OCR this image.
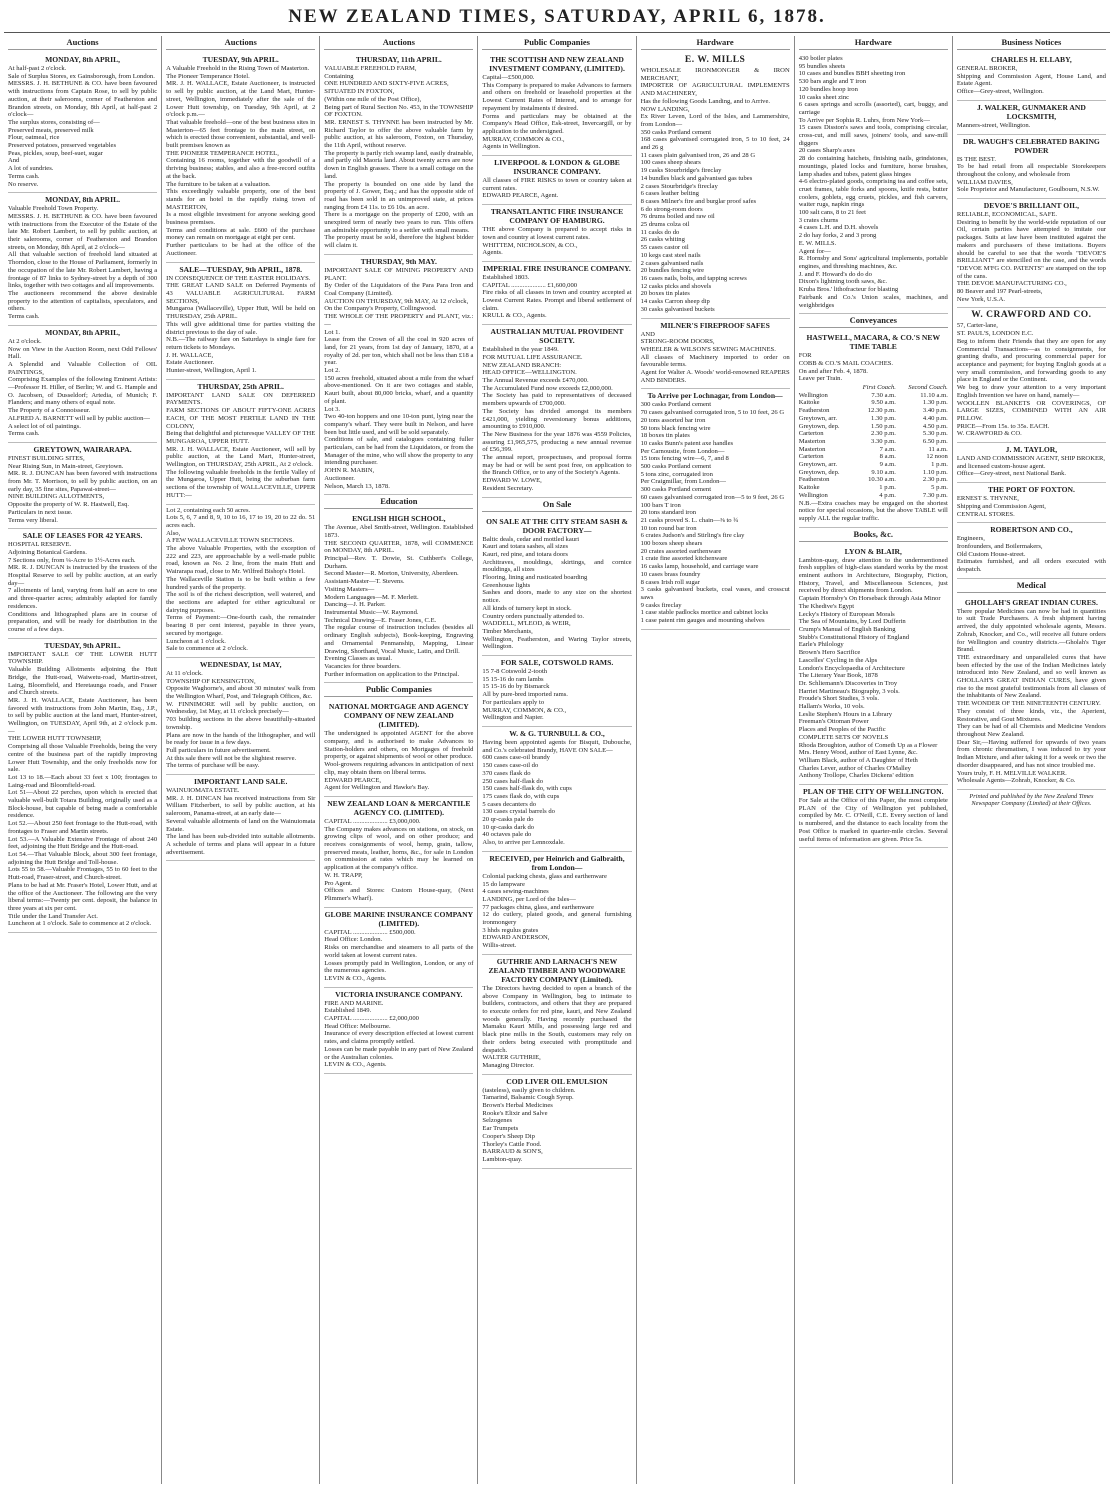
NEW ZEALAND TIMES, SATURDAY, APRIL 6, 1878.
Auctions
MONDAY, 8th APRIL,

At half-past 2 o'clock.
Sale of Surplus Stores, ex Gainsborough, from London.
MESSRS. J. H. BETHUNE & CO. have been favoured with instructions from Captain Rose, to sell by public auction, at their salerooms, corner of Featherston and Brandon streets, on Monday, 8th April, at half-past 2 o'clock—
The surplus stores, consisting of—
Preserved meats, preserved milk
Flour, oatmeal, rice
Preserved potatoes, preserved vegetables
Peas, pickles, soup, beef-suet, sugar
And
A lot of sundries.
Terms cash.
No reserve.

MONDAY, 8th APRIL.

Valuable Freehold Town Property.
MESSRS. J. H. BETHUNE & CO. have been favoured with instructions from the Executor of the Estate of the late Mr. Robert Lambert, to sell by public auction, at their salerooms, corner of Featherston and Brandon streets, on Monday, 8th April, at 2 o'clock—
All that valuable section of freehold land situated at Thorndon, close to the House of Parliament, formerly in the occupation of the late Mr. Robert Lambert, having a frontage of 87 links to Sydney-street by a depth of 300 links, together with two cottages and all improvements.
The auctioneers recommend the above desirable property to the attention of capitalists, speculators, and others.
Terms cash.

MONDAY, 8th APRIL,

At 2 o'clock.
Now on View in the Auction Room, next Odd Fellows' Hall.
A Splendid and Valuable Collection of OIL PAINTINGS,
Comprising Examples of the following Eminent Artists:—Professor H. Hiller, of Berlin; W. and G. Hample and O. Jacobsen, of Dusseldorf; Artedia, of Munich; F. Flanders; and many others of equal note.
The Property of a Connoisseur.
ALFRED A. BARNETT will sell by public auction—
A select lot of oil paintings.
Terms cash.

GREYTOWN, WAIRARAPA.

FINEST BUILDING SITES,
Near Rising Sun, in Main-street, Greytown.
MR. R. J. DUNCAN has been favored with instructions from Mr. T. Morrison, to sell by public auction, on an early day, 35 fine sites, Papawai-street—
NINE BUILDING ALLOTMENTS,
Opposite the property of W. R. Hastwell, Esq.
Particulars in next issue.
Terms very liberal.

SALE OF LEASES FOR 42 YEARS.

HOSPITAL RESERVE.
Adjoining Botanical Gardens.
7 Sections only, from ¼-Acre to 1½-Acres each.
MR. R. J. DUNCAN is instructed by the trustees of the Hospital Reserve to sell by public auction, at an early day—
7 allotments of land, varying from half an acre to one and three-quarter acres; admirably adapted for family residences.
Conditions and lithographed plans are in course of preparation, and will be ready for distribution in the course of a few days.

TUESDAY, 9th APRIL.

IMPORTANT SALE OF THE LOWER HUTT TOWNSHIP.
Valuable Building Allotments adjoining the Hutt Bridge, the Hutt-road, Waiwetu-road, Martin-street, Laing, Bloomfield, and Heretaunga roads, and Fraser and Church streets.
MR. J. H. WALLACE, Estate Auctioneer, has been favored with instructions from John Martin, Esq., J.P., to sell by public auction at the land mart, Hunter-street, Wellington, on TUESDAY, April 9th, at 2 o'clock p.m.—
THE LOWER HUTT TOWNSHIP,
Comprising all those Valuable Freeholds, being the very centre of the business part of the rapidly improving Lower Hutt Township, and the only freeholds now for sale.
Lot 13 to 18.—Each about 33 feet x 100; frontages to Laing-road and Bloomfield-road.
Lot 51—About 22 perches, upon which is erected that valuable well-built Totara Building, originally used as a Block-house, but capable of being made a comfortable residence.
Lot 52.—About 250 feet frontage to the Hutt-road, with frontages to Fraser and Martin streets.
Lot 53.—A Valuable Extensive Frontage of about 240 feet, adjoining the Hutt Bridge and the Hutt-road.
Lot 54.—That Valuable Block, about 300 feet frontage, adjoining the Hutt Bridge and Toll-house.
Lots 55 to 58.—Valuable Frontages, 55 to 60 feet to the Hutt-road, Fraser-street, and Church-street.
Plans to be had at Mr. Fraser's Hotel, Lower Hutt, and at the office of the Auctioneer. The following are the very liberal terms:—Twenty per cent. deposit, the balance in three years at six per cent.
Title under the Land Transfer Act.
Luncheon at 1 o'clock. Sale to commence at 2 o'clock.

Auctions
TUESDAY, 9th APRIL.

A Valuable Freehold in the Rising Town of Masterton.
The Pioneer Temperance Hotel.
MR. J. H. WALLACE, Estate Auctioneer, is instructed to sell by public auction, at the Land Mart, Hunter-street, Wellington, immediately after the sale of the Lower Hutt township, on Tuesday, 9th April, at 2 o'clock p.m.—
That valuable freehold—one of the best business sites in Masterton—65 feet frontage to the main street, on which is erected those convenient, substantial, and well-built premises known as
THE PIONEER TEMPERANCE HOTEL,
Containing 16 rooms, together with the goodwill of a thriving business; stables, and also a free-record outfits at the back.
The furniture to be taken at a valuation.
This exceedingly valuable property, one of the best stands for an hotel in the rapidly rising town of MASTERTON,
Is a most eligible investment for anyone seeking good business premises.
Terms and conditions at sale. £600 of the purchase money can remain on mortgage at eight per cent.
Further particulars to be had at the office of the Auctioneer.

SALE—TUESDAY, 9th APRIL, 1878.

IN CONSEQUENCE OF THE EASTER HOLIDAYS.
THE GREAT LAND SALE on Deferred Payments of 43 VALUABLE AGRICULTURAL FARM SECTIONS,
Mungaroa (Wallaceville), Upper Hutt, Will be held on THURSDAY, 25th APRIL.
This will give additional time for parties visiting the district previous to the day of sale.
N.B.—The railway fare on Saturdays is single fare for return tickets to Mondays.
J. H. WALLACE,
Estate Auctioneer.
Hunter-street, Wellington, April 1.

THURSDAY, 25th APRIL.

IMPORTANT LAND SALE ON DEFERRED PAYMENTS.
FARM SECTIONS OF ABOUT FIFTY-ONE ACRES EACH, OF THE MOST FERTILE LAND IN THE COLONY,
Being that delightful and picturesque VALLEY OF THE MUNGAROA, UPPER HUTT.
MR. J. H. WALLACE, Estate Auctioneer, will sell by public auction, at the Land Mart, Hunter-street, Wellington, on THURSDAY, 25th APRIL, At 2 o'clock.
The following valuable freeholds in the fertile Valley of the Mungaroa, Upper Hutt, being the suburban farm sections of the township of WALLACEVILLE, UPPER HUTT:—

Lot 2, containing each 50 acres.
Lots 5, 6, 7 and 8, 9, 10 to 16, 17 to 19, 20 to 22 do. 51 acres each.
Also,
A FEW WALLACEVILLE TOWN SECTIONS.
The above Valuable Properties, with the exception of 222 and 223, are approachable by a well-made public road, known as No. 2 line, from the main Hutt and Wairarapa road, close to Mr. Wilfred Bishop's Hotel.
The Wallaceville Station is to be built within a few hundred yards of the property.
The soil is of the richest description, well watered, and the sections are adapted for either agricultural or dairying purposes.
Terms of Payment:—One-fourth cash, the remainder bearing 8 per cent interest, payable in three years, secured by mortgage.
Luncheon at 1 o'clock.
Sale to commence at 2 o'clock.

WEDNESDAY, 1st MAY,

At 11 o'clock.
TOWNSHIP OF KENSINGTON,
Opposite Waghorne's, and about 30 minutes' walk from the Wellington Wharf, Post, and Telegraph Offices, &c.
W. FINNIMORE will sell by public auction, on Wednesday, 1st May, at 11 o'clock precisely—
703 building sections in the above beautifully-situated township.
Plans are now in the hands of the lithographer, and will be ready for issue in a few days.
Full particulars in future advertisement.
At this sale there will not be the slightest reserve.
The terms of purchase will be easy.

IMPORTANT LAND SALE.

WAINUIOMATA ESTATE.
MR. J. H. DINCAN has received instructions from Sir William Fitzherbert, to sell by public auction, at his saleroom, Panama-street, at an early date—
Several valuable allotments of land on the Wainuiomata Estate.
The land has been sub-divided into suitable allotments. A schedule of terms and plans will appear in a future advertisement.

Auctions
THURSDAY, 11th APRIL.

VALUABLE FREEHOLD FARM,
Containing
ONE HUNDRED AND SIXTY-FIVE ACRES,
SITUATED IN FOXTON,
(Within one mile of the Post Office),
Being part of Rural Section No. 453, in the TOWNSHIP OF FOXTON.
MR. ERNEST S. THYNNE has been instructed by Mr. Richard Taylor to offer the above valuable farm by public auction, at his saleroom, Foxton, on Thursday, the 11th April, without reserve.
The property is partly rich swamp land, easily drainable, and partly old Maoria land. About twenty acres are now down in English grasses. There is a small cottage on the land.
The property is bounded on one side by land the property of J. Gower, Esq.; and has the opposite side of road has been sold in an unimproved state, at prices ranging from £4 11s. to £6 10s. an acre.
There is a mortgage on the property of £200, with an unexpired term of nearly two years to run. This offers an admirable opportunity to a settler with small means.
The property must be sold, therefore the highest bidder will claim it.

THURSDAY, 9th MAY.

IMPORTANT SALE OF MINING PROPERTY AND PLANT.
By Order of the Liquidators of the Para Para Iron and Coal Company (Limited).
AUCTION ON THURSDAY, 9th MAY, At 12 o'clock,
On the Company's Property, Collingwood.
THE WHOLE OF THE PROPERTY and PLANT, viz.:—
Lot 1.
Lease from the Crown of all the coal in 920 acres of land, for 21 years, from 1st day of January, 1870, at a royalty of 2d. per ton, which shall not be less than £18 a year.
Lot 2.
150 acres freehold, situated about a mile from the wharf above-mentioned. On it are two cottages and stable, Kauri built, about 80,000 bricks, wharf, and a quantity of plant.
Lot 3.
Two 40-ton hoppers and one 10-ton punt, lying near the company's wharf. They were built in Nelson, and have been but little used, and will be sold separately.
Conditions of sale, and catalogues containing fuller particulars, can be had from the Liquidators, or from the Manager of the mine, who will show the property to any intending purchaser.
JOHN R. MABIN,
Auctioneer.
Nelson, March 13, 1878.

Education
ENGLISH HIGH SCHOOL,

The Avenue, Abel Smith-street, Wellington. Established 1873.
THE SECOND QUARTER, 1878, will COMMENCE on MONDAY, 8th APRIL.
Principal—Rev. T. Dowie, St. Cuthbert's College, Durham.
Second Master—R. Morton, University, Aberdeen.
Assistant-Master—T. Stevens.
Visiting Masters—
Modern Languages—M. F. Merlett.
Dancing—J. H. Parker.
Instrumental Music—W. Raymond.
Technical Drawing—E. Fraser Jones, C.E.
The regular course of instruction includes (besides all ordinary English subjects), Book-keeping, Engraving and Ornamental Penmanship, Mapping, Linear Drawing, Shorthand, Vocal Music, Latin, and Drill.
Evening Classes as usual.
Vacancies for three boarders.
Further information on application to the Principal.

Public Companies
NATIONAL MORTGAGE AND AGENCY COMPANY OF NEW ZEALAND (LIMITED).

The undersigned is appointed AGENT for the above company, and is authorised to make Advances to Station-holders and others, on Mortgages of freehold property, or against shipments of wool or other produce.
Wool-growers requiring advances in anticipation of next clip, may obtain them on liberal terms.
EDWARD PEARCE,
Agent for Wellington and Hawke's Bay.

NEW ZEALAND LOAN & MERCANTILE AGENCY CO. (LIMITED).

CAPITAL ..................... £3,000,000.
The Company makes advances on stations, on stock, on growing clips of wool, and on other produce; and receives consignments of wool, hemp, grain, tallow, preserved meats, leather, horns, &c., for sale in London on commission at rates which may be learned on application at the company's office.
W. H. TRAPP,
Pro Agent.
Offices and Stores: Custom House-quay, (Next Plimmer's Wharf).

GLOBE MARINE INSURANCE COMPANY (LIMITED).

CAPITAL ..................... £500,000.
Head Office: London.
Risks on merchandise and steamers to all parts of the world taken at lowest current rates.
Losses promptly paid in Wellington, London, or any of the numerous agencies.
LEVIN & CO., Agents.

VICTORIA INSURANCE COMPANY.

FIRE AND MARINE.
Established 1849.
CAPITAL ..................... £2,000,000
Head Office: Melbourne.
Insurance of every description effected at lowest current rates, and claims promptly settled.
Losses can be made payable in any part of New Zealand or the Australian colonies.
LEVIN & CO., Agents.

Public Companies
THE SCOTTISH AND NEW ZEALAND INVESTMENT COMPANY, (LIMITED).

Capital—£500,000.
This Company is prepared to make Advances to farmers and others on freehold or leasehold properties at the Lowest Current Rates of Interest, and to arrange for repayment by instalments if desired.
Forms and particulars may be obtained at the Company's Head Office, Esk-street, Invercargill, or by application to the undersigned.
MURRAY, COMMON & CO.,
Agents in Wellington.

LIVERPOOL & LONDON & GLOBE INSURANCE COMPANY.

All classes of FIRE RISKS to town or country taken at current rates.
EDWARD PEARCE, Agent.

TRANSATLANTIC FIRE INSURANCE COMPANY OF HAMBURG.

THE above Company is prepared to accept risks in town and country at lowest current rates.
WHITTEM, NICHOLSON, & CO.,
Agents.

IMPERIAL FIRE INSURANCE COMPANY.

Established 1803.
CAPITAL ..................... £1,600,000
Fire risks of all classes in town and country accepted at Lowest Current Rates. Prompt and liberal settlement of claim.
KRULL & CO., Agents.

AUSTRALIAN MUTUAL PROVIDENT SOCIETY.

Established in the year 1849.
FOR MUTUAL LIFE ASSURANCE.
NEW ZEALAND BRANCH:
HEAD OFFICE—WELLINGTON.
The Annual Revenue exceeds £470,000.
The Accumulated Fund now exceeds £2,000,000.
The Society has paid to representatives of deceased members upwards of £700,000.
The Society has divided amongst its members £421,000, yielding reversionary bonus additions, amounting to £910,000.
The New Business for the year 1876 was 4559 Policies, assuring £1,965,575, producing a new annual revenue of £56,399.
The annual report, prospectuses, and proposal forms may be had or will be sent post free, on application to the Branch Office, or to any of the Society's Agents.
EDWARD W. LOWE,
Resident Secretary.

On Sale
ON SALE AT THE CITY STEAM SASH & DOOR FACTORY—

Baltic deals, cedar and mottled kauri
Kauri and totara sashes, all sizes
Kauri, red pine, and totara doors
Architraves, mouldings, skirtings, and cornice mouldings, all sizes
Flooring, lining and rusticated boarding
Greenhouse lights
Sashes and doors, made to any size on the shortest notice.
All kinds of turnery kept in stock.
Country orders punctually attended to.
WADDELL, M'LEOD, & WEIR,
Timber Merchants,
Wellington, Featherston, and Waring Taylor streets, Wellington.

FOR SALE, COTSWOLD RAMS.

15 7-8 Cotswold 2-tooth
15 15-16 do ram lambs
15 15-16 do by Bismarck
All by pure-bred imported rams.
For particulars apply to
MURRAY, COMMON, & CO.,
Wellington and Napier.

W. & G. TURNBULL & CO.,

Having been appointed agents for Bisquit, Dubouche, and Co.'s celebrated Brandy, HAVE ON SALE—
600 cases case-oil brandy
150 cases case-oil do
370 cases flask do
250 cases half-flask do
150 cases half-flask do, with cups
175 cases flask do, with cups
5 cases decanters do
130 cases crystal barrels do
20 qr-casks pale do
10 qr-casks dark do
40 octaves pale do
Also, to arrive per Lennoxdale.

RECEIVED, per Heinrich and Galbraith, from London—

Colonial packing chests, glass and earthenware
15 do lampware
4 cases sewing-machines
LANDING, per Lord of the Isles—
77 packages china, glass, and earthenware
12 do cutlery, plated goods, and general furnishing ironmongery
3 hhds regulus grates
EDWARD ANDERSON,
Willis-street.

GUTHRIE AND LARNACH'S NEW ZEALAND TIMBER AND WOODWARE FACTORY COMPANY (Limited).

The Directors having decided to open a branch of the above Company in Wellington, beg to intimate to builders, contractors, and others that they are prepared to execute orders for red pine, kauri, and New Zealand woods generally. Having recently purchased the Mamaku Kauri Mills, and possessing large red and black pine mills in the South, customers may rely on their orders being executed with promptitude and despatch.
WALTER GUTHRIE,
Managing Director.

COD LIVER OIL EMULSION

(tasteless), easily given to children.
Tamarind, Balsamic Cough Syrup.
Brown's Herbal Medicines
Rooke's Elixir and Salve
Selzogenes
Ear Trumpets
Cooper's Sheep Dip
Thorley's Cattle Food.
BARRAUD & SON'S,
Lambton-quay.

Hardware
E. W. MILLS

WHOLESALE IRONMONGER & IRON MERCHANT,
IMPORTER OF AGRICULTURAL IMPLEMENTS AND MACHINERY,
Has the following Goods Landing, and to Arrive.
NOW LANDING,
Ex River Leven, Lord of the Isles, and Lammershire, from London—
350 casks Portland cement
168 cases galvanised corrugated iron, 5 to 10 feet, 24 and 26 g
11 cases plain galvanised iron, 26 and 28 G
100 cases sheep shears
19 casks Stourbridge's fireclay
14 bundles black and galvanised gas tubes
2 cases Stourbridge's fireclay
6 cases leather belting
8 cases Milner's fire and burglar proof safes
6 do strong-room doors
76 drums boiled and raw oil
25 drums colza oil
11 casks do do
26 casks whiting
55 cases castor oil
10 kegs cast steel nails
2 cases galvanised nails
20 bundles fencing wire
16 cases nails, bolts, and tapping screws
12 casks picks and shovels
20 boxes tin plates
14 casks Carron sheep dip
30 casks galvanised buckets

MILNER'S FIREPROOF SAFES

AND
STRONG-ROOM DOORS,
WHEELER & WILSON'S SEWING MACHINES.
All classes of Machinery imported to order on favourable terms.
Agent for Walter A. Woods' world-renowned REAPERS AND BINDERS.

To Arrive per Lochnagar, from London—

300 casks Portland cement
70 cases galvanised corrugated iron, 5 to 10 feet, 26 G
20 tons assorted bar iron
50 tons black fencing wire
18 boxes tin plates
10 casks Bunn's patent axe handles
Per Carnoustie, from London—
15 tons fencing wire—6, 7, and 8
500 casks Portland cement
5 tons zinc, corrugated iron
Per Craigmillar, from London—
300 casks Portland cement
60 cases galvanised corrugated iron—5 to 9 feet, 26 G
100 bars T iron
20 tons standard iron
21 casks proved S. L. chain—⅜ to ¾
10 ton round bar iron
6 crates Judson's and Stirling's fire clay
100 boxes sheep shears
20 crates assorted earthenware
1 crate fine assorted kitchenware
16 casks lamp, household, and carriage ware
10 cases brass foundry
8 cases Irish roll sugar
3 casks galvanised buckets, coal vases, and crosscut saws
9 casks fireclay
1 case stable padlocks mortice and cabinet locks
1 case patent rim gauges and mounting shelves

Hardware

430 boiler plates
95 bundles sheets
10 cases and bundles BBH sheeting iron
530 bars angle and T iron
120 bundles hoop iron
10 casks sheet zinc
6 cases springs and scrolls (assorted), cart, buggy, and carriage
To Arrive per Sophia R. Luhrs, from New York—
15 cases Disston's saws and tools, comprising circular, cross-cut, and mill saws, joiners' tools, and saw-mill diggers
20 cases Sharp's axes
28 do containing hatchets, finishing nails, grindstones, mountings, plated locks and furniture, horse brushes, lamp shades and tubes, patent glass hinges
4-6 electro-plated goods, comprising tea and coffee sets, cruet frames, table forks and spoons, knife rests, butter coolers, goblets, egg cruets, pickles, and fish carvers, waiter rugs, napkin rings
100 salt cans, 8 to 21 feet
3 crates churns
4 cases L.H. and D.H. shovels
2 do hay forks, 2 and 3 prong
E. W. MILLS.
Agent for—
R. Hornsby and Sons' agricultural implements, portable engines, and threshing machines, &c.
J. and F. Howard's do do do
Dixon's lightning tooth saws, &c.
Kruba Bros.' lithofracteur for blasting
Fairbank and Co.'s Union scales, machines, and weighbridges

Conveyances
HASTWELL, MACARA, & CO.'S NEW TIME TABLE

FOR
COBB & CO.'S MAIL COACHES.
On and after Feb. 4, 1878.
Leave per Train.

	First Coach.	Second Coach.
Wellington	7.30 a.m.	11.10 a.m.
Kaitoke	9.50 a.m.	1.30 p.m.
Featherston	12.30 p.m.	3.40 p.m.
Greytown, arr.	1.30 p.m.	4.40 p.m.
Greytown, dep.	1.50 p.m.	4.50 p.m.
Carterton	2.30 p.m.	5.30 p.m.
Masterton	3.30 p.m.	6.50 p.m.
Masterton	7 a.m.	11 a.m.
Carterton	8 a.m.	12 noon
Greytown, arr.	9 a.m.	1 p.m.
Greytown, dep.	9.10 a.m.	1.10 p.m.
Featherston	10.30 a.m.	2.30 p.m.
Kaitoke	1 p.m.	5 p.m.
Wellington	4 p.m.	7.30 p.m.

N.B.—Extra coaches may be engaged on the shortest notice for special occasions, but the above TABLE will supply ALL the regular traffic.

Books, &c.
LYON & BLAIR,

Lambton-quay, draw attention to the undermentioned fresh supplies of high-class standard works by the most eminent authors in Architecture, Biography, Fiction, History, Travel, and Miscellaneous Sciences, just received by direct shipments from London.
Captain Hornsby's On Horseback through Asia Minor
The Khedive's Egypt
Lecky's History of European Morals
The Sea of Mountains, by Lord Dufferin
Crump's Manual of English Banking
Stubb's Constitutional History of England
Earle's Philology
Brown's Hero Sacrifice
Lascelles' Cycling in the Alps
London's Encyclopaedia of Architecture
The Literary Year Book, 1878
Dr. Schliemann's Discoveries in Troy
Harriet Martineau's Biography, 3 vols.
Froude's Short Studies, 3 vols.
Hallam's Works, 10 vols.
Leslie Stephen's Hours in a Library
Freeman's Ottoman Power
Places and Peoples of the Pacific
COMPLETE SETS OF NOVELS
Rhoda Broughton, author of Cometh Up as a Flower
Mrs. Henry Wood, author of East Lynne, &c.
William Black, author of A Daughter of Heth
Charles Lever, author of Charles O'Malley
Anthony Trollope, Charles Dickens' edition

PLAN OF THE CITY OF WELLINGTON.

For Sale at the Office of this Paper, the most complete PLAN of the City of Wellington yet published, compiled by Mr. C. O'Neill, C.E. Every section of land is numbered, and the distance to each locality from the Post Office is marked in quarter-mile circles. Several useful items of information are given. Price 5s.

Business Notices
CHARLES H. ELLABY,

GENERAL BROKER,
Shipping and Commission Agent, House Land, and Estate Agent.
Office—Grey-street, Wellington.

J. WALKER, GUNMAKER AND LOCKSMITH,

Manners-street, Wellington.

DR. WAUGH'S CELEBRATED BAKING POWDER

IS THE BEST.
To be had retail from all respectable Storekeepers throughout the colony, and wholesale from
WILLIAM DAVIES,
Sole Proprietor and Manufacturer, Goulbourn, N.S.W.

DEVOE'S BRILLIANT OIL,

RELIABLE, ECONOMICAL, SAFE.
Desiring to benefit by the world-wide reputation of our Oil, certain parties have attempted to imitate our packages. Suits at law have been instituted against the makers and purchasers of these imitations. Buyers should be careful to see that the words "DEVOE'S BRILLIANT" are stencilled on the case, and the words "DEVOE M'FG CO. PATENTS" are stamped on the top of the cans.
THE DEVOE MANUFACTURING CO.,
80 Beaver and 197 Pearl-streets,
New York, U.S.A.

W. CRAWFORD AND CO.

57, Carter-lane,
ST. PAUL'S, LONDON E.C.
Beg to inform their Friends that they are open for any Commercial Transactions—as to consignments, for granting drafts, and procuring commercial paper for acceptance and payment; for buying English goods at a very small commission, and forwarding goods to any place in England or the Continent.
We beg to draw your attention to a very important English Invention we have on hand, namely—
WOOLLEN BLANKETS OR COVERINGS, OF LARGE SIZES, COMBINED WITH AN AIR PILLOW.
PRICE—From 15s. to 35s. EACH.
W. CRAWFORD & CO.

J. M. TAYLOR,

LAND AND COMMISSION AGENT, SHIP BROKER,
and licensed custom-house agent.
Office—Grey-street, next National Bank.

THE PORT OF FOXTON.

ERNEST S. THYNNE,
Shipping and Commission Agent,
CENTRAL STORES.

ROBERTSON AND CO.,

Engineers,
Ironfounders, and Boilermakers,
Old Custom House-street.
Estimates furnished, and all orders executed with despatch.

Medical
GHOLLAH'S GREAT INDIAN CURES.

There popular Medicines can now be had in quantities to suit Trade Purchasers. A fresh shipment having arrived, the duly appointed wholesale agents, Messrs. Zohrab, Knocker, and Co., will receive all future orders for Wellington and country districts.—Gholah's Tiger Brand.
THE extraordinary and unparalleled cures that have been effected by the use of the Indian Medicines lately introduced into New Zealand, and so well known as GHOLLAH'S GREAT INDIAN CURES, have given rise to the most grateful testimonials from all classes of the inhabitants of New Zealand.
THE WONDER OF THE NINETEENTH CENTURY.
They consist of three kinds, viz., the Aperient, Restorative, and Gout Mixtures.
They can be had of all Chemists and Medicine Vendors throughout New Zealand.
Dear Sir,—Having suffered for upwards of two years from chronic rheumatism, I was induced to try your Indian Mixture, and after taking it for a week or two the disorder disappeared, and has not since troubled me.
Yours truly, F. H. MELVILLE WALKER.
Wholesale Agents—Zohrab, Knocker, & Co.

Printed and published by the New Zealand Times Newspaper Company (Limited) at their Offices.
